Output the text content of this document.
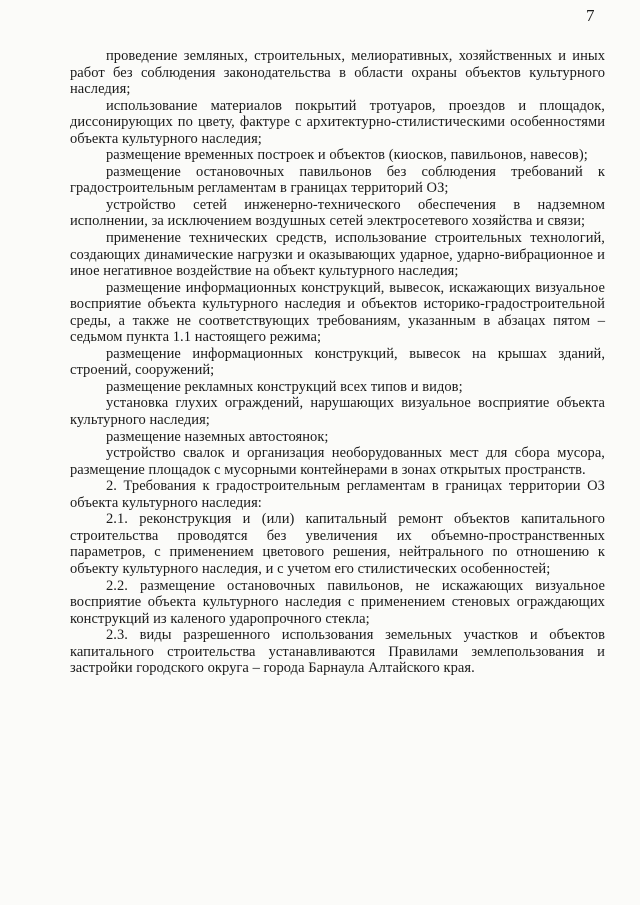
7

проведение земляных, строительных, мелиоративных, хозяйственных и иных работ без соблюдения законодательства в области охраны объектов культурного наследия;

использование материалов покрытий тротуаров, проездов и площадок, диссонирующих по цвету, фактуре с архитектурно-стилистическими особенностями объекта культурного наследия;

размещение временных построек и объектов (киосков, павильонов, навесов);

размещение остановочных павильонов без соблюдения требований к градостроительным регламентам в границах территорий ОЗ;

устройство сетей инженерно-технического обеспечения в надземном исполнении, за исключением воздушных сетей электросетевого хозяйства и связи;

применение технических средств, использование строительных технологий, создающих динамические нагрузки и оказывающих ударное, ударно-вибрационное и иное негативное воздействие на объект культурного наследия;

размещение информационных конструкций, вывесок, искажающих визуальное восприятие объекта культурного наследия и объектов историко-градостроительной среды, а также не соответствующих требованиям, указанным в абзацах пятом – седьмом пункта 1.1 настоящего режима;

размещение информационных конструкций, вывесок на крышах зданий, строений, сооружений;

размещение рекламных конструкций всех типов и видов;

установка глухих ограждений, нарушающих визуальное восприятие объекта культурного наследия;

размещение наземных автостоянок;

устройство свалок и организация необорудованных мест для сбора мусора, размещение площадок с мусорными контейнерами в зонах открытых пространств.

2. Требования к градостроительным регламентам в границах территории ОЗ объекта культурного наследия:

2.1. реконструкция и (или) капитальный ремонт объектов капитального строительства проводятся без увеличения их объемно-пространственных параметров, с применением цветового решения, нейтрального по отношению к объекту культурного наследия, и с учетом его стилистических особенностей;

2.2. размещение остановочных павильонов, не искажающих визуальное восприятие объекта культурного наследия с применением стеновых ограждающих конструкций из каленого ударопрочного стекла;

2.3. виды разрешенного использования земельных участков и объектов капитального строительства устанавливаются Правилами землепользования и застройки городского округа – города Барнаула Алтайского края.
